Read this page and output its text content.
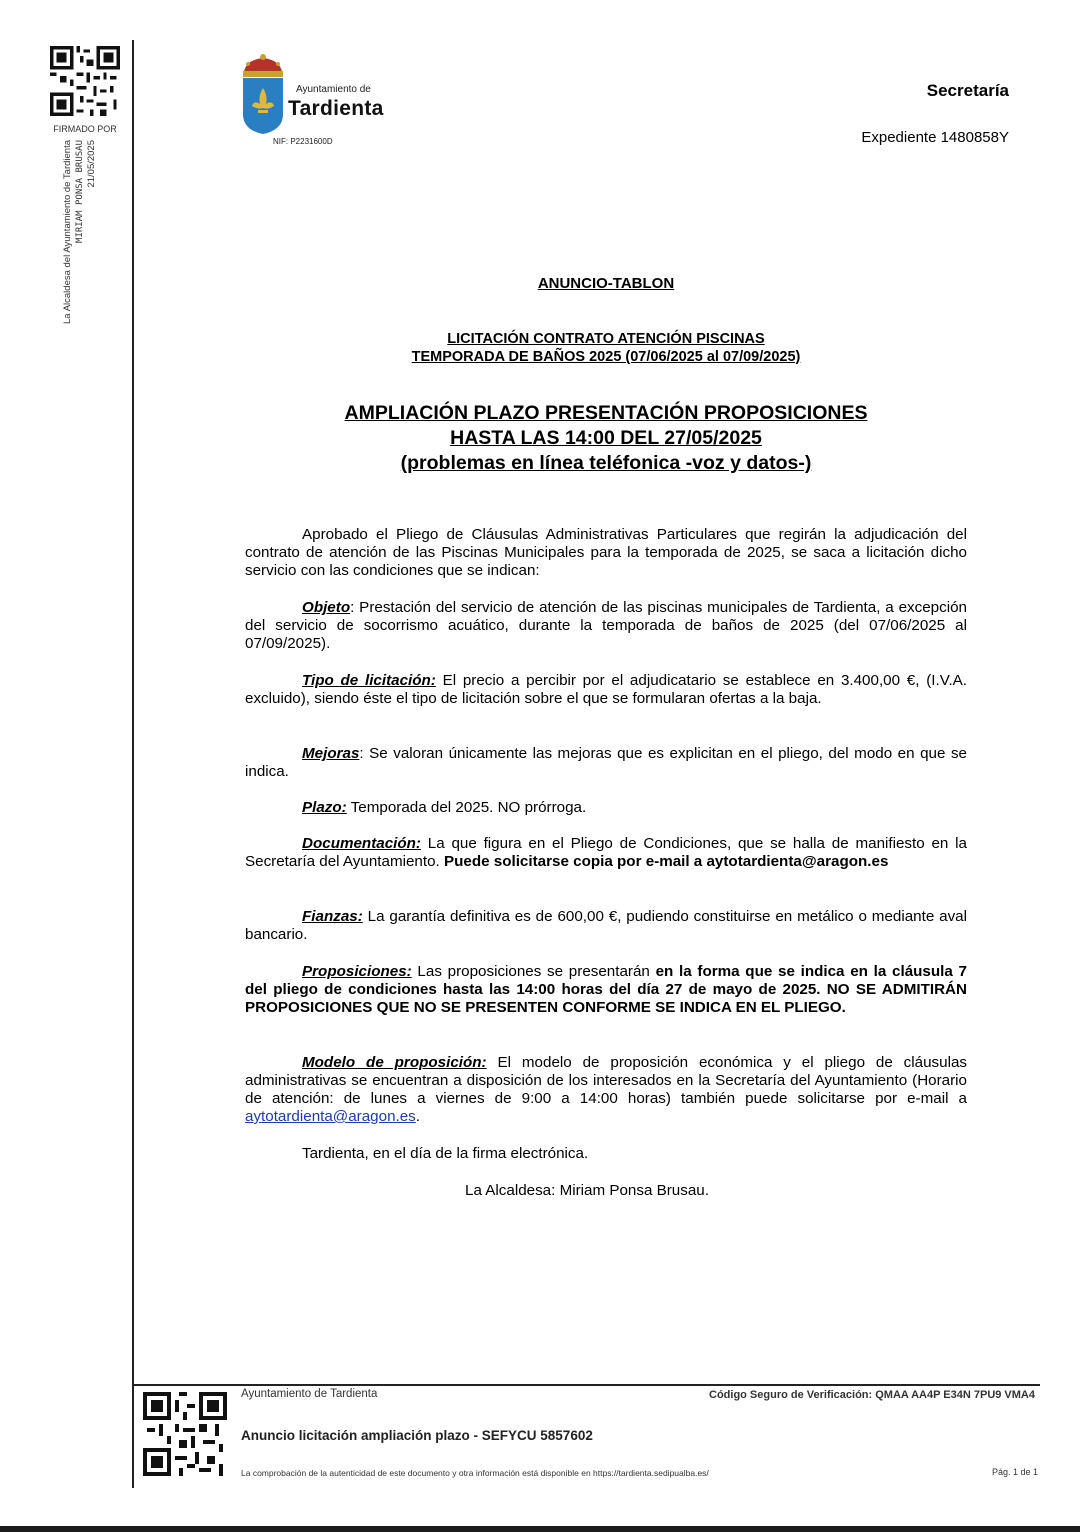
FIRMADO POR
La Alcaldesa del Ayuntamiento de Tardienta MIRIAM PONSA BRUSAU
21/05/2025
Ayuntamiento de
Tardienta
NIF: P2231600D
Secretaría
Expediente 1480858Y
ANUNCIO-TABLON
LICITACIÓN CONTRATO ATENCIÓN PISCINAS
TEMPORADA DE BAÑOS 2025 (07/06/2025 al 07/09/2025)
AMPLIACIÓN PLAZO PRESENTACIÓN PROPOSICIONES
HASTA LAS 14:00 DEL 27/05/2025
(problemas en línea teléfonica -voz y datos-)
Aprobado el Pliego de Cláusulas Administrativas Particulares que regirán la adjudicación del contrato de atención de las Piscinas Municipales para la temporada de 2025, se saca a licitación dicho servicio con las condiciones que se indican:
Objeto: Prestación del servicio de atención de las piscinas municipales de Tardienta, a excepción del servicio de socorrismo acuático, durante la temporada de baños de 2025 (del 07/06/2025 al 07/09/2025).
Tipo de licitación: El precio a percibir por el adjudicatario se establece en 3.400,00 €, (I.V.A. excluido), siendo éste el tipo de licitación sobre el que se formularan ofertas a la baja.
Mejoras: Se valoran únicamente las mejoras que es explicitan en el pliego, del modo en que se indica.
Plazo: Temporada del 2025. NO prórroga.
Documentación: La que figura en el Pliego de Condiciones, que se halla de manifiesto en la Secretaría del Ayuntamiento. Puede solicitarse copia por e-mail a aytotardienta@aragon.es
Fianzas: La garantía definitiva es de 600,00 €, pudiendo constituirse en metálico o mediante aval bancario.
Proposiciones: Las proposiciones se presentarán en la forma que se indica en la cláusula 7 del pliego de condiciones hasta las 14:00 horas del día 27 de mayo de 2025. NO SE ADMITIRÁN PROPOSICIONES QUE NO SE PRESENTEN CONFORME SE INDICA EN EL PLIEGO.
Modelo de proposición: El modelo de proposición económica y el pliego de cláusulas administrativas se encuentran a disposición de los interesados en la Secretaría del Ayuntamiento (Horario de atención: de lunes a viernes de 9:00 a 14:00 horas) también puede solicitarse por e-mail a aytotardienta@aragon.es.
Tardienta, en el día de la firma electrónica.
La Alcaldesa: Miriam Ponsa Brusau.
Ayuntamiento de Tardienta	Código Seguro de Verificación: QMAA AA4P E34N 7PU9 VMA4
Anuncio licitación ampliación plazo - SEFYCU 5857602
La comprobación de la autenticidad de este documento y otra información está disponible en https://tardienta.sedipualba.es/	Pág. 1 de 1
